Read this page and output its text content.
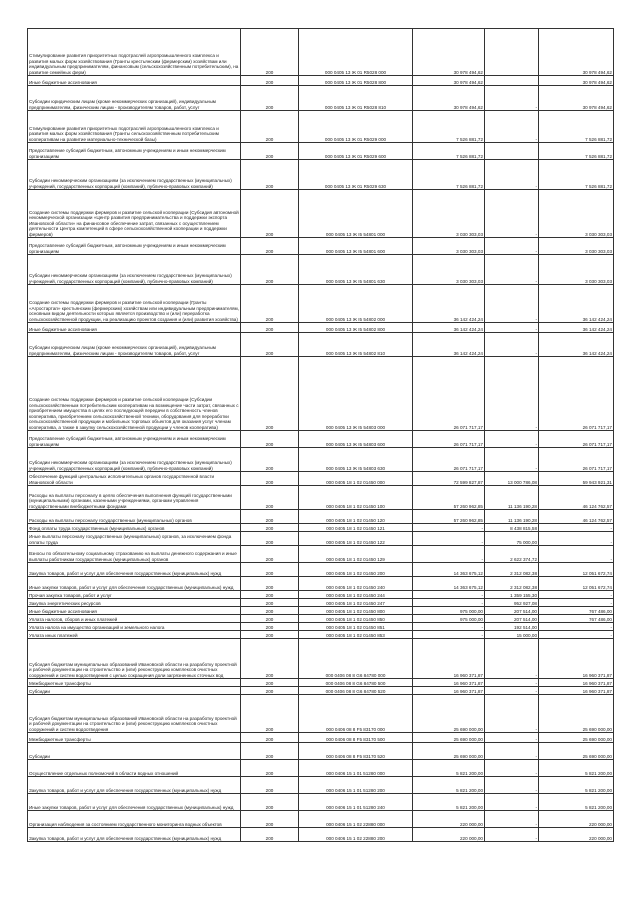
Стимулирование развития приоритетных подотраслей агропромышленного комплекса и развития малых форм хозяйствования (Гранты крестьянским (фермерским) хозяйствам или индивидуальным предпринимателям, финансовым (сельскохозяйственным потребительским), на развитие семейных ферм)	200	000 0405 13 Ж 01 R5028 000	30 978 494,62		30 978 494,62
Иные бюджетные ассигнования	200	000 0405 13 Ж 01 R5028 800	30 978 494,62		30 978 494,62
Субсидии юридическим лицам (кроме некоммерческих организаций), индивидуальным предпринимателям, физическим лицам - производителям товаров, работ, услуг	200	000 0405 13 Ж 01 R5028 810	30 978 494,62	-	30 978 494,62
Стимулирование развития приоритетных подотраслей агропромышленного комплекса и развития малых форм хозяйствования (Гранты сельскохозяйственным потребительским кооперативам на развитие материально-технической базы)	200	000 0405 13 Ж 01 R5029 000	7 526 881,72	-	7 526 881,72
Предоставление субсидий бюджетным, автономным учреждениям и иным некоммерческим организациям	200	000 0405 13 Ж 01 R5029 600	7 526 881,72		7 526 881,72
Субсидии некоммерческим организациям (за исключением государственных (муниципальных) учреждений, государственных корпораций (компаний), публично-правовых компаний)	200	000 0405 13 Ж 01 R5029 630	7 526 881,72	-	7 526 881,72
Создание системы поддержки фермеров и развитие сельской кооперации (Субсидия автономной некоммерческой организации «Центр развития предпринимательства и поддержки экспорта Ивановской области» на финансовое обеспечение затрат, связанных с осуществлением деятельности Центра компетенций в сфере сельскохозяйственной кооперации и поддержки фермеров)	200	000 0405 13 Ж I5 54801 000	3 030 303,03	-	3 030 303,03
Предоставление субсидий бюджетным, автономным учреждениям и иным некоммерческим организациям	200	000 0405 13 Ж I5 54801 600	3 030 303,03	-	3 030 303,03
Субсидии некоммерческим организациям (за исключением государственных (муниципальных) учреждений, государственных корпораций (компаний), публично-правовых компаний)	200	000 0405 13 Ж I5 54801 630	3 030 303,03	-	3 030 303,03
Создание системы поддержки фермеров и развитие сельской кооперации (Гранты «Агростартап» крестьянским (фермерским) хозяйствам или индивидуальным предпринимателям, основным видом деятельности которых является производство и (или) переработка сельскохозяйственной продукции, на реализацию проектов создания и (или) развития хозяйства)	200	000 0405 13 Ж I5 54802 000	36 142 424,24	-	36 142 424,24
Иные бюджетные ассигнования	200	000 0405 13 Ж I5 54802 800	36 142 424,24	-	36 142 424,24
Субсидии юридическим лицам (кроме некоммерческих организаций), индивидуальным предпринимателям, физическим лицам - производителям товаров, работ, услуг	200	000 0405 13 Ж I5 54802 810	36 142 424,24	-	36 142 424,24
Создание системы поддержки фермеров и развитие сельской кооперации (Субсидии сельскохозяйственным потребительским кооперативам на возмещение части затрат, связанных с приобретением имущества в целях его последующей передачи в собственность членов кооператива, приобретением сельскохозяйственной техники, оборудования для переработки сельскохозяйственной продукции и мобильных торговых объектов для оказания услуг членам кооператива, а также в закупку сельскохозяйственной продукции у членов кооператива)	200	000 0405 13 Ж I5 54803 000	26 071 717,17	-	26 071 717,17
Предоставление субсидий бюджетным, автономным учреждениям и иным некоммерческим организациям	200	000 0405 13 Ж I5 54803 600	26 071 717,17	-	26 071 717,17
Субсидии некоммерческим организациям (за исключением государственных (муниципальных) учреждений, государственных корпораций (компаний), публично-правовых компаний)	200	000 0405 13 Ж I5 54803 630	26 071 717,17	-	26 071 717,17
Обеспечение функций центральных исполнительных органов государственной власти Ивановской области	200	000 0405 18 1 02 01450 000	72 599 827,87	13 000 786,08	59 943 921,31
Расходы на выплаты персоналу в целях обеспечения выполнения функций государственными (муниципальными) органами, казенными учреждениями, органами управления государственными внебюджетными фондами	200	000 0405 18 1 02 01450 100	57 260 962,85	11 136 190,28	46 124 762,57
Расходы на выплаты персоналу государственных (муниципальных) органов	200	000 0405 18 1 02 01450 120	57 260 962,85	11 136 190,28	46 124 762,57
Фонд оплаты труда государственных (муниципальных) органов	200	000 0405 18 1 02 01450 121	-	8 438 815,58	-
Иные выплаты персоналу государственных (муниципальных) органов, за исключением фонда оплаты труда	200	000 0405 18 1 02 01450 122	-	75 000,00	-
Взносы по обязательному социальному страхованию на выплаты денежного содержания и иные выплаты работникам государственных (муниципальных) органов	200	000 0405 18 1 02 01450 129	-	2 622 374,72	-
Закупка товаров, работ и услуг для обеспечения государственных (муниципальных) нужд	200	000 0405 18 1 02 01450 200	14 363 675,12	2 312 082,38	12 051 672,74
Иные закупки товаров, работ и услуг для обеспечения государственных (муниципальных) нужд	200	000 0405 18 1 02 01450 240	14 363 675,12	2 312 082,38	12 051 672,74
Прочая закупка товаров, работ и услуг	200	000 0405 18 1 02 01450 244	-	1 359 155,30	-
Закупка энергетических ресурсов	200	000 0405 18 1 02 01450 247	-	952 927,08	-
Иные бюджетные ассигнования	200	000 0405 18 1 02 01450 800	975 000,00	207 514,00	767 486,00
Уплата налогов, сборов и иных платежей	200	000 0405 18 1 02 01450 850	975 000,00	207 514,00	767 486,00
Уплата налога на имущество организаций и земельного налога	200	000 0405 18 1 02 01450 851	-	192 514,00	-
Уплата иных платежей	200	000 0405 18 1 02 01450 853	-	15 000,00	-
Субсидия бюджетам муниципальных образований Ивановской области на разработку проектной и рабочей документации на строительство и (или) реконструкцию комплексов очистных сооружений и систем водоотведения с целью сокращения доли загрязненных сточных вод	200	000 0406 08 8 G6 84780 000	16 960 371,87	-	16 960 371,87
Межбюджетные трансферты	200	000 0406 08 8 G6 84780 500	16 960 371,87	-	16 960 371,87
Субсидии	200	000 0406 08 8 G6 84780 520	16 960 371,87	-	16 960 371,87
Субсидия бюджетам муниципальных образований Ивановской области на разработку проектной и рабочей документации на строительство и (или) реконструкцию комплексов очистных сооружений и систем водоотведения	200	000 0406 08 8 F5 83170 000	25 690 000,00	-	25 690 000,00
Межбюджетные трансферты	200	000 0406 08 8 F5 83170 500	25 690 000,00	-	25 690 000,00
Субсидии	200	000 0406 08 8 F5 83170 520	25 690 000,00	-	25 690 000,00
Осуществление отдельных полномочий в области водных отношений	200	000 0406 15 1 01 51280 000	5 821 200,00	-	5 821 200,00
Закупка товаров, работ и услуг для обеспечения государственных (муниципальных) нужд	200	000 0406 15 1 01 51280 200	5 821 200,00	-	5 821 200,00
Иные закупки товаров, работ и услуг для обеспечения государственных (муниципальных) нужд	200	000 0406 15 1 01 51280 240	5 821 200,00	-	5 821 200,00
Организация наблюдения за состоянием государственного мониторинга водных объектов	200	000 0406 15 1 02 22880 000	220 000,00	-	220 000,00
Закупка товаров, работ и услуг для обеспечения государственных (муниципальных) нужд	200	000 0406 15 1 02 22880 200	220 000,00	-	220 000,00
